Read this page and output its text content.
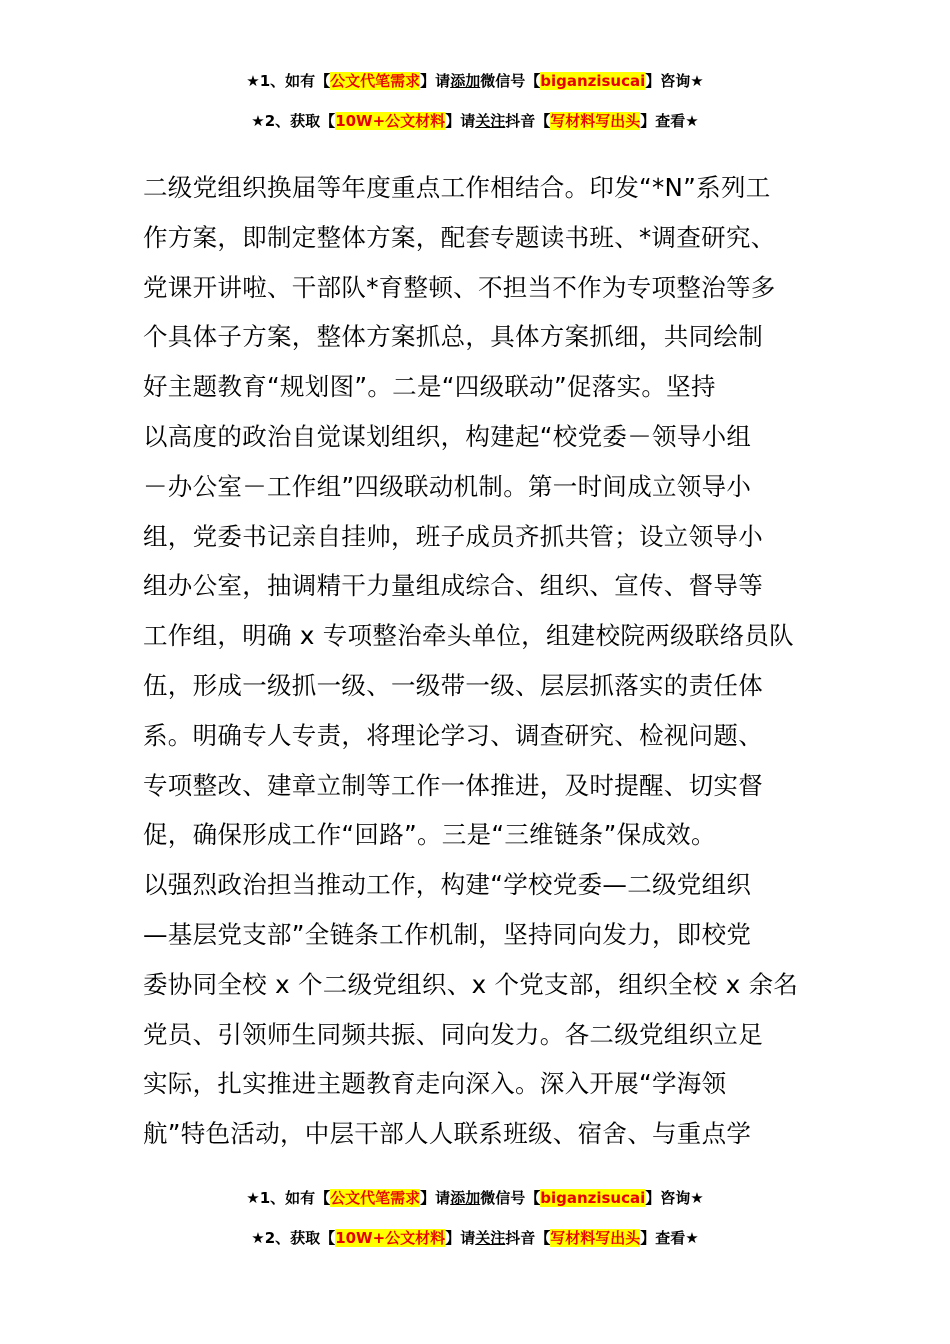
★1、如有【公文代笔需求】请添加微信号【biganzisucai】咨询★
★2、获取【10W+公文材料】请关注抖音【写材料写出头】查看★
二级党组织换届等年度重点工作相结合。印发“*N”系列工
作方案，即制定整体方案，配套专题读书班、*调查研究、
党课开讲啦、干部队*育整顿、不担当不作为专项整治等多
个具体子方案，整体方案抓总，具体方案抓细，共同绘制
好主题教育“规划图”。二是“四级联动”促落实。坚持
以高度的政治自觉谋划组织，构建起“校党委－领导小组
－办公室－工作组”四级联动机制。第一时间成立领导小
组，党委书记亲自挂帅，班子成员齐抓共管；设立领导小
组办公室，抽调精干力量组成综合、组织、宣传、督导等
工作组，明确 x 专项整治牵头单位，组建校院两级联络员队
伍，形成一级抓一级、一级带一级、层层抓落实的责任体
系。明确专人专责，将理论学习、调查研究、检视问题、
专项整改、建章立制等工作一体推进，及时提醒、切实督
促，确保形成工作“回路”。三是“三维链条”保成效。
以强烈政治担当推动工作，构建“学校党委—二级党组织
—基层党支部”全链条工作机制，坚持同向发力，即校党
委协同全校 x 个二级党组织、x 个党支部，组织全校 x 余名
党员、引领师生同频共振、同向发力。各二级党组织立足
实际，扎实推进主题教育走向深入。深入开展“学海领
航”特色活动，中层干部人人联系班级、宿舍、与重点学
★1、如有【公文代笔需求】请添加微信号【biganzisucai】咨询★
★2、获取【10W+公文材料】请关注抖音【写材料写出头】查看★
